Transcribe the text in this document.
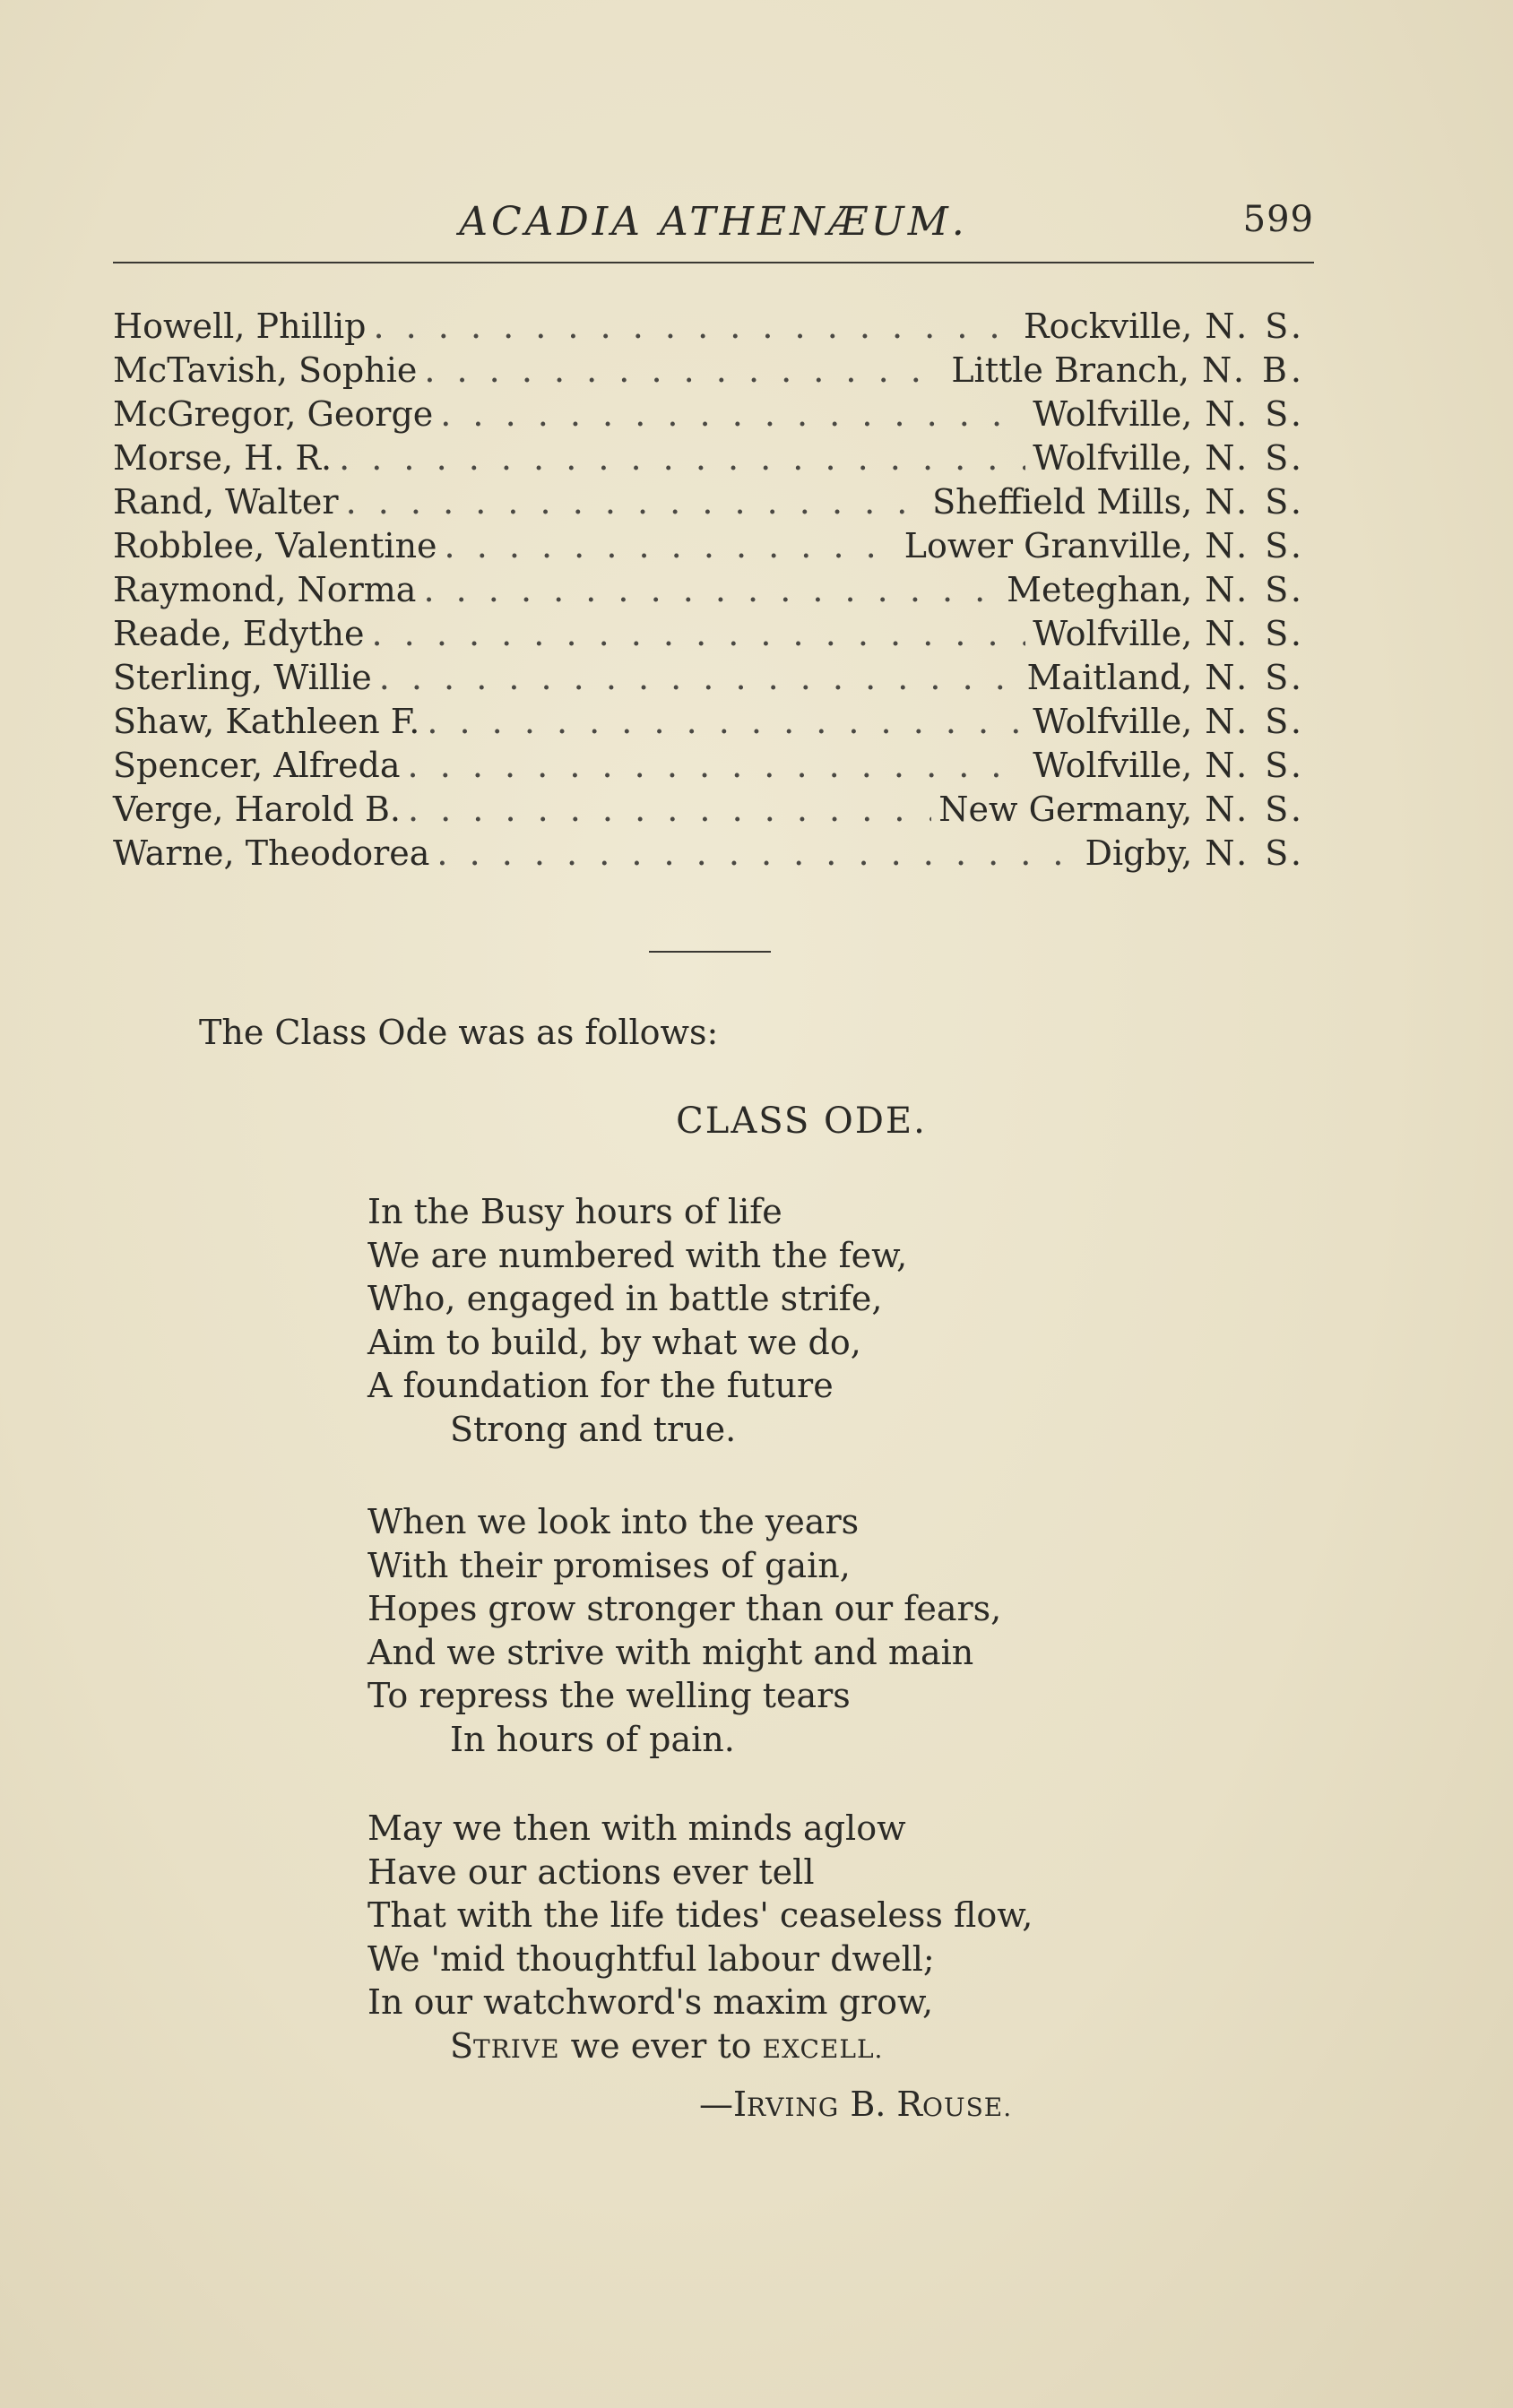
ACADIA ATHENÆUM.	599
Howell, Phillip . . .	Rockville, N. S.
McTavish, Sophie . . .	Little Branch, N. B.
McGregor, George . . .	Wolfville, N. S.
Morse, H. R. . . .	Wolfville, N. S.
Rand, Walter . . .	Sheffield Mills, N. S.
Robblee, Valentine . . .	Lower Granville, N. S.
Raymond, Norma . . .	Meteghan, N. S.
Reade, Edythe . . .	Wolfville, N. S.
Sterling, Willie . . .	Maitland, N. S.
Shaw, Kathleen F. . . .	Wolfville, N. S.
Spencer, Alfreda . . .	Wolfville, N. S.
Verge, Harold B. . . .	New Germany, N. S.
Warne, Theodorea . . .	Digby, N. S.
The Class Ode was as follows:
CLASS ODE.
In the Busy hours of life
We are numbered with the few,
Who, engaged in battle strife,
Aim to build, by what we do,
A foundation for the future
Strong and true.
When we look into the years
With their promises of gain,
Hopes grow stronger than our fears,
And we strive with might and main
To repress the welling tears
In hours of pain.
May we then with minds aglow
Have our actions ever tell
That with the life tides' ceaseless flow,
We 'mid thoughtful labour dwell;
In our watchword's maxim grow,
STRIVE we ever to EXCELL.
—IRVING B. ROUSE.
